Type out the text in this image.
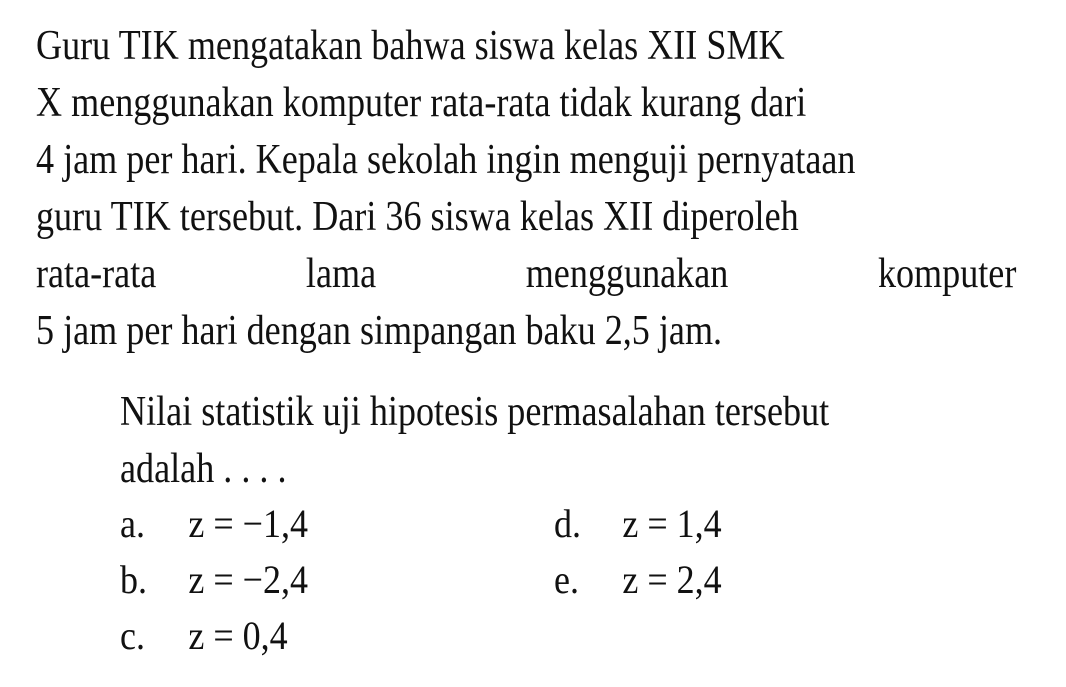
Guru TIK mengatakan bahwa siswa kelas XII SMK
X menggunakan komputer rata-rata tidak kurang dari
4 jam per hari. Kepala sekolah ingin menguji pernyataan
guru TIK tersebut. Dari 36 siswa kelas XII diperoleh
rata-rata	lama	menggunakan	komputer
5 jam per hari dengan simpangan baku 2,5 jam.
Nilai statistik uji hipotesis permasalahan tersebut
adalah . . . .
a.	z = −1,4
b.	z = −2,4
c.	z = 0,4
d.	z = 1,4
e.	z = 2,4
